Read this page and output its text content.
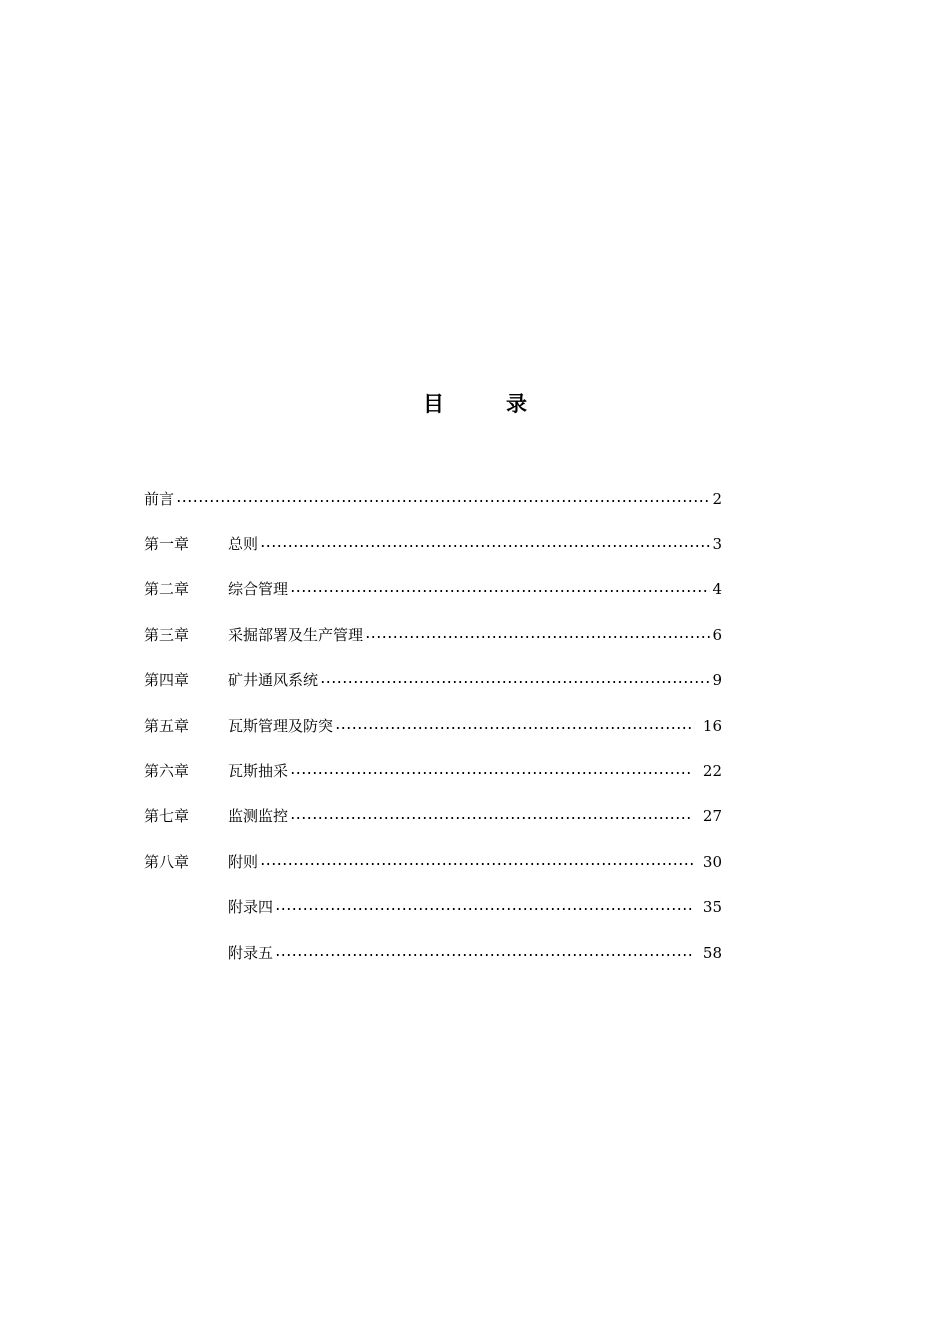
目	录
前言	2
第一章	总则	3
第二章	综合管理	4
第三章	采掘部署及生产管理	6
第四章	矿井通风系统	9
第五章	瓦斯管理及防突	16
第六章	瓦斯抽采	22
第七章	监测监控	27
第八章	附则	30
附录四	35
附录五	58
